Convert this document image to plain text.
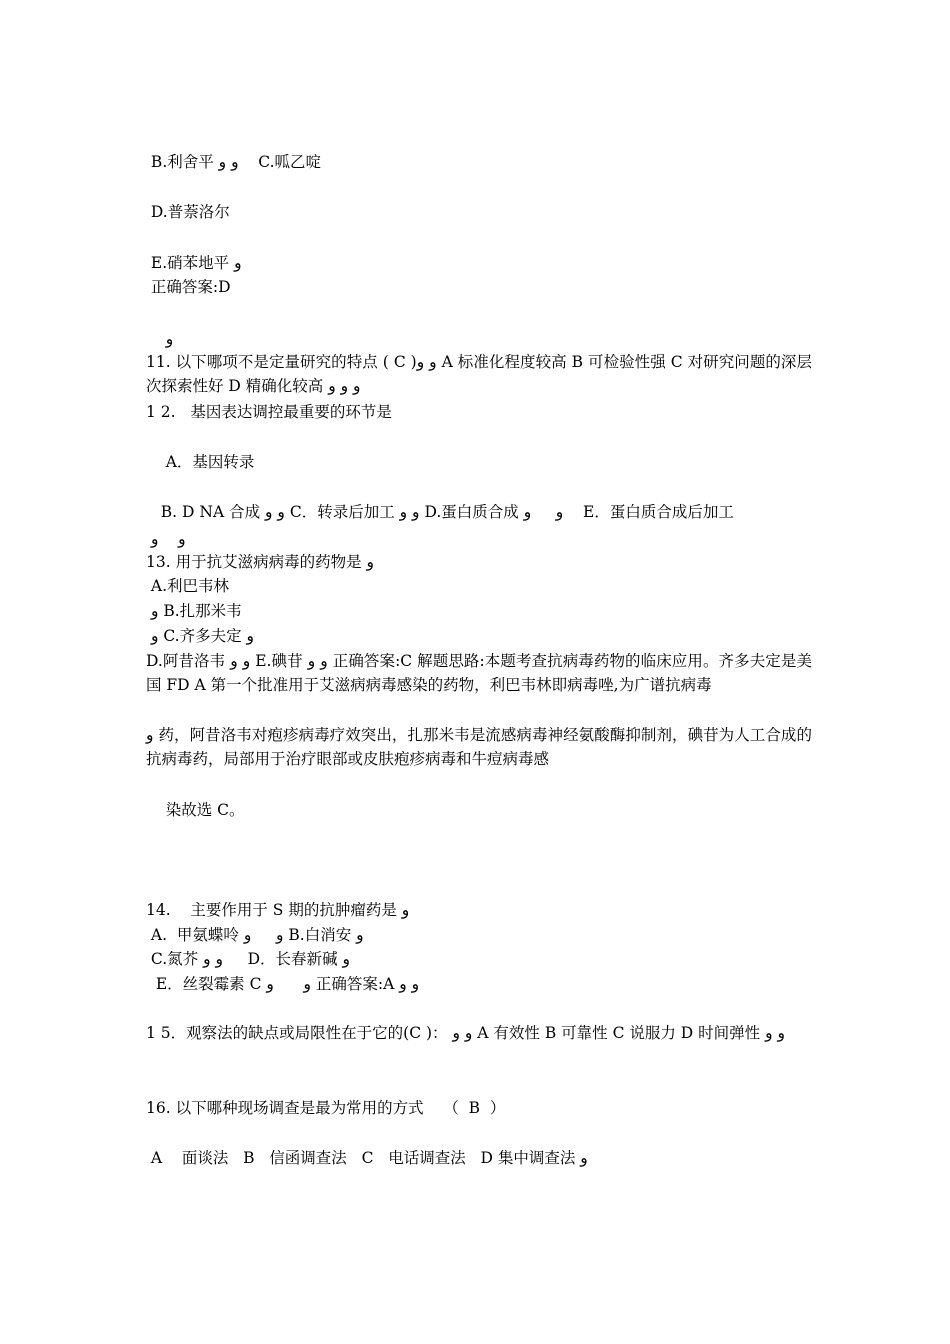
B.利舍平 و و    C.呱乙啶

D.普萘洛尔

E.硝苯地平 و

正确答案:D

و

11. 以下哪项不是定量研究的特点 ( C )و و A 标准化程度较高 B 可检验性强 C 对研究问题的深层次探索性好 D 精确化较高 و و و

1 2.   基因表达调控最重要的环节是

A．基因转录

B. D NA 合成 و و C．转录后加工 و و D.蛋白质合成 و     و    E．蛋白质合成后加工

و    و

13. 用于抗艾滋病病毒的药物是 و

A.利巴韦林

و B.扎那米韦

و C.齐多夫定 و

D.阿昔洛韦 و و E.碘苷 و و 正确答案:C 解题思路:本题考查抗病毒药物的临床应用。齐多夫定是美国 FD A 第一个批准用于艾滋病病毒感染的药物，利巴韦林即病毒唑,为广谱抗病毒

و 药，阿昔洛韦对疱疹病毒疗效突出，扎那米韦是流感病毒神经氨酸酶抑制剂，碘苷为人工合成的抗病毒药，局部用于治疗眼部或皮肤疱疹病毒和牛痘病毒感

染故选 C。

14.    主要作用于 S 期的抗肿瘤药是 و

A.  甲氨蝶呤 و     و B.白消安 و

C.氮芥 و و     D．长春新碱 و

E．丝裂霉素 C و      و 正确答案:A و و

1 5．观察法的缺点或局限性在于它的(C )： و و A 有效性 B 可靠性 C 说服力 D 时间弹性 و و

16. 以下哪种现场调查是最为常用的方式    （  B  ）

A    面谈法   B   信函调查法   C   电话调查法   D 集中调查法 و
